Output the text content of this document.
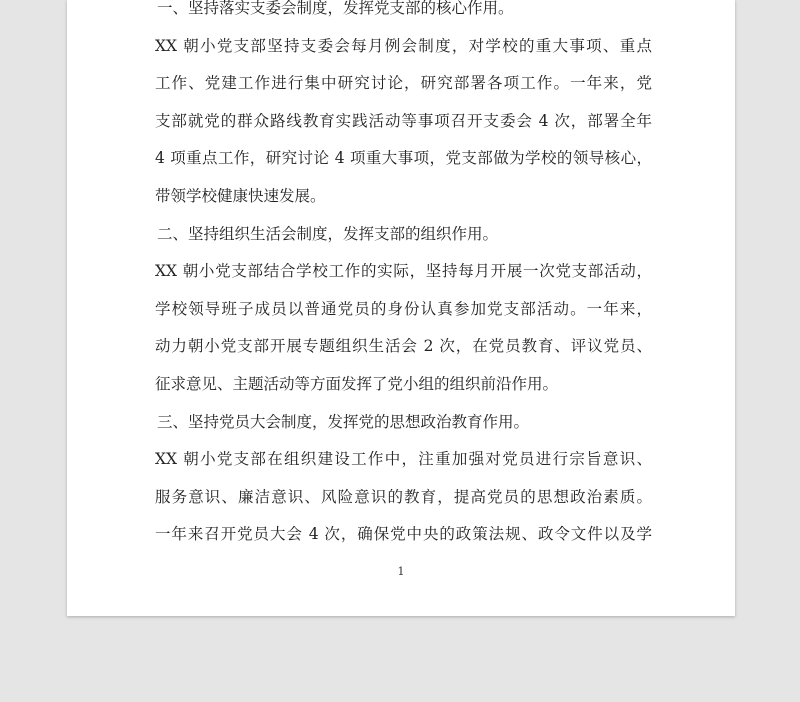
一、坚持落实支委会制度，发挥党支部的核心作用。

XX 朝小党支部坚持支委会每月例会制度，对学校的重大事项、重点
工作、党建工作进行集中研究讨论，研究部署各项工作。一年来，党
支部就党的群众路线教育实践活动等事项召开支委会 4 次，部署全年
4 项重点工作，研究讨论 4 项重大事项，党支部做为学校的领导核心，
带领学校健康快速发展。

二、坚持组织生活会制度，发挥支部的组织作用。

XX 朝小党支部结合学校工作的实际，坚持每月开展一次党支部活动，
学校领导班子成员以普通党员的身份认真参加党支部活动。一年来，
动力朝小党支部开展专题组织生活会 2 次，在党员教育、评议党员、
征求意见、主题活动等方面发挥了党小组的组织前沿作用。

三、坚持党员大会制度，发挥党的思想政治教育作用。

XX 朝小党支部在组织建设工作中，注重加强对党员进行宗旨意识、
服务意识、廉洁意识、风险意识的教育，提高党员的思想政治素质。
一年来召开党员大会 4 次，确保党中央的政策法规、政令文件以及学

1
